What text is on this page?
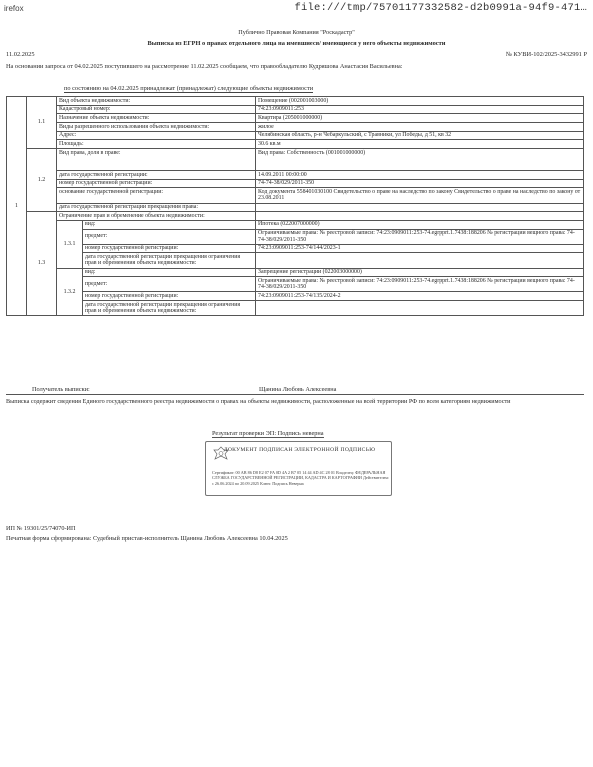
irefox	file:///tmp/75701177332582-d2b0991a-94f9-471…
Публично Правовая Компания "Роскадастр"
Выписка из ЕГРН о правах отдельного лица на имевшиеся/ имеющиеся у него объекты недвижимости
11.02.2025	№ КУВИ-102/2025-3432991 Р
На основании запроса от 04.02.2025 поступившего на рассмотрение 11.02.2025 сообщаем, что правообладателю Кудряшова Анастасия Васильевна:
по состоянию на 04.02.2025 принадлежат (принадлежат) следующие объекты недвижимости
1	1.1	Вид объекта недвижимости:		Помещение (002001003000)
		Кадастровый номер:		74:23:0909011:253
		Назначение объекта недвижимости:		Квартира (205001000000)
		Виды разрешенного использования объекта недвижимости:		жилое
		Адрес:		Челябинская область, р-н Чебаркульский, с Травники, ул Победы, д 51, кв 32
		Площадь:		30.6 кв.м
	1.2	Вид права, доля в праве:		Вид права: Собственность (001001000000)
		дата государственной регистрации:		14.09.2011 00:00:00
		номер государственной регистрации:		74-74-38/029/2011-350
		основание государственной регистрации:		Код документа 558401030100 Свидетельство о праве на наследство по закону Свидетельство о праве на наследство по закону от 23.08.2011
		дата государственной регистрации прекращения права:		
	1.3	Ограничение прав и обременение объекта недвижимости:		
		1.3.1	вид:	Ипотека (022007000000)
			предмет:	Ограничиваемые права: № реестровой записи: 74:23:0909011:253-74.egrpprt.1.7438:188206 № регистрации вещного права: 74-74-38/029/2011-350
			номер государственной регистрации:	74:23:0909011:253-74/144/2023-1
			дата государственной регистрации прекращения ограничения прав и обременения объекта недвижимости:	
		1.3.2	вид:	Запрещение регистрации (022003000000)
			предмет:	Ограничиваемые права: № реестровой записи: 74:23:0909011:253-74.egrpprt.1.7438:188206 № регистрации вещного права: 74-74-38/029/2011-350
			номер государственной регистрации:	74:23:0909011:253-74/135/2024-2
			дата государственной регистрации прекращения ограничения прав и обременения объекта недвижимости:	
Получатель выписки:	Щанина Любовь Алексеевна
Выписка содержит сведения Единого государственного реестра недвижимости о правах на объекты недвижимости, расположенные на всей территории РФ по всем категориям недвижимости
Результат проверки ЭП: Подпись неверна
ДОКУМЕНТ ПОДПИСАН ЭЛЕКТРОННОЙ ПОДПИСЬЮ
Сертификат: 00 AB 86 D8 E2 07 FA 0D 4A 2 B7 05 14 44 AD 4C 28 01 Владелец: ФЕДЕРАЛЬНАЯ СЛУЖБА ГОСУДАРСТВЕННОЙ РЕГИСТРАЦИИ, КАДАСТРА И КАРТОГРАФИИ Действителен: с 26.06.2024 по 20.09.2025 Ключ: Подпись Неверна
ИП № 19301/25/74070-ИП
Печатная форма сформирована: Судебный пристав-исполнитель Щанина Любовь Алексеевна 10.04.2025
